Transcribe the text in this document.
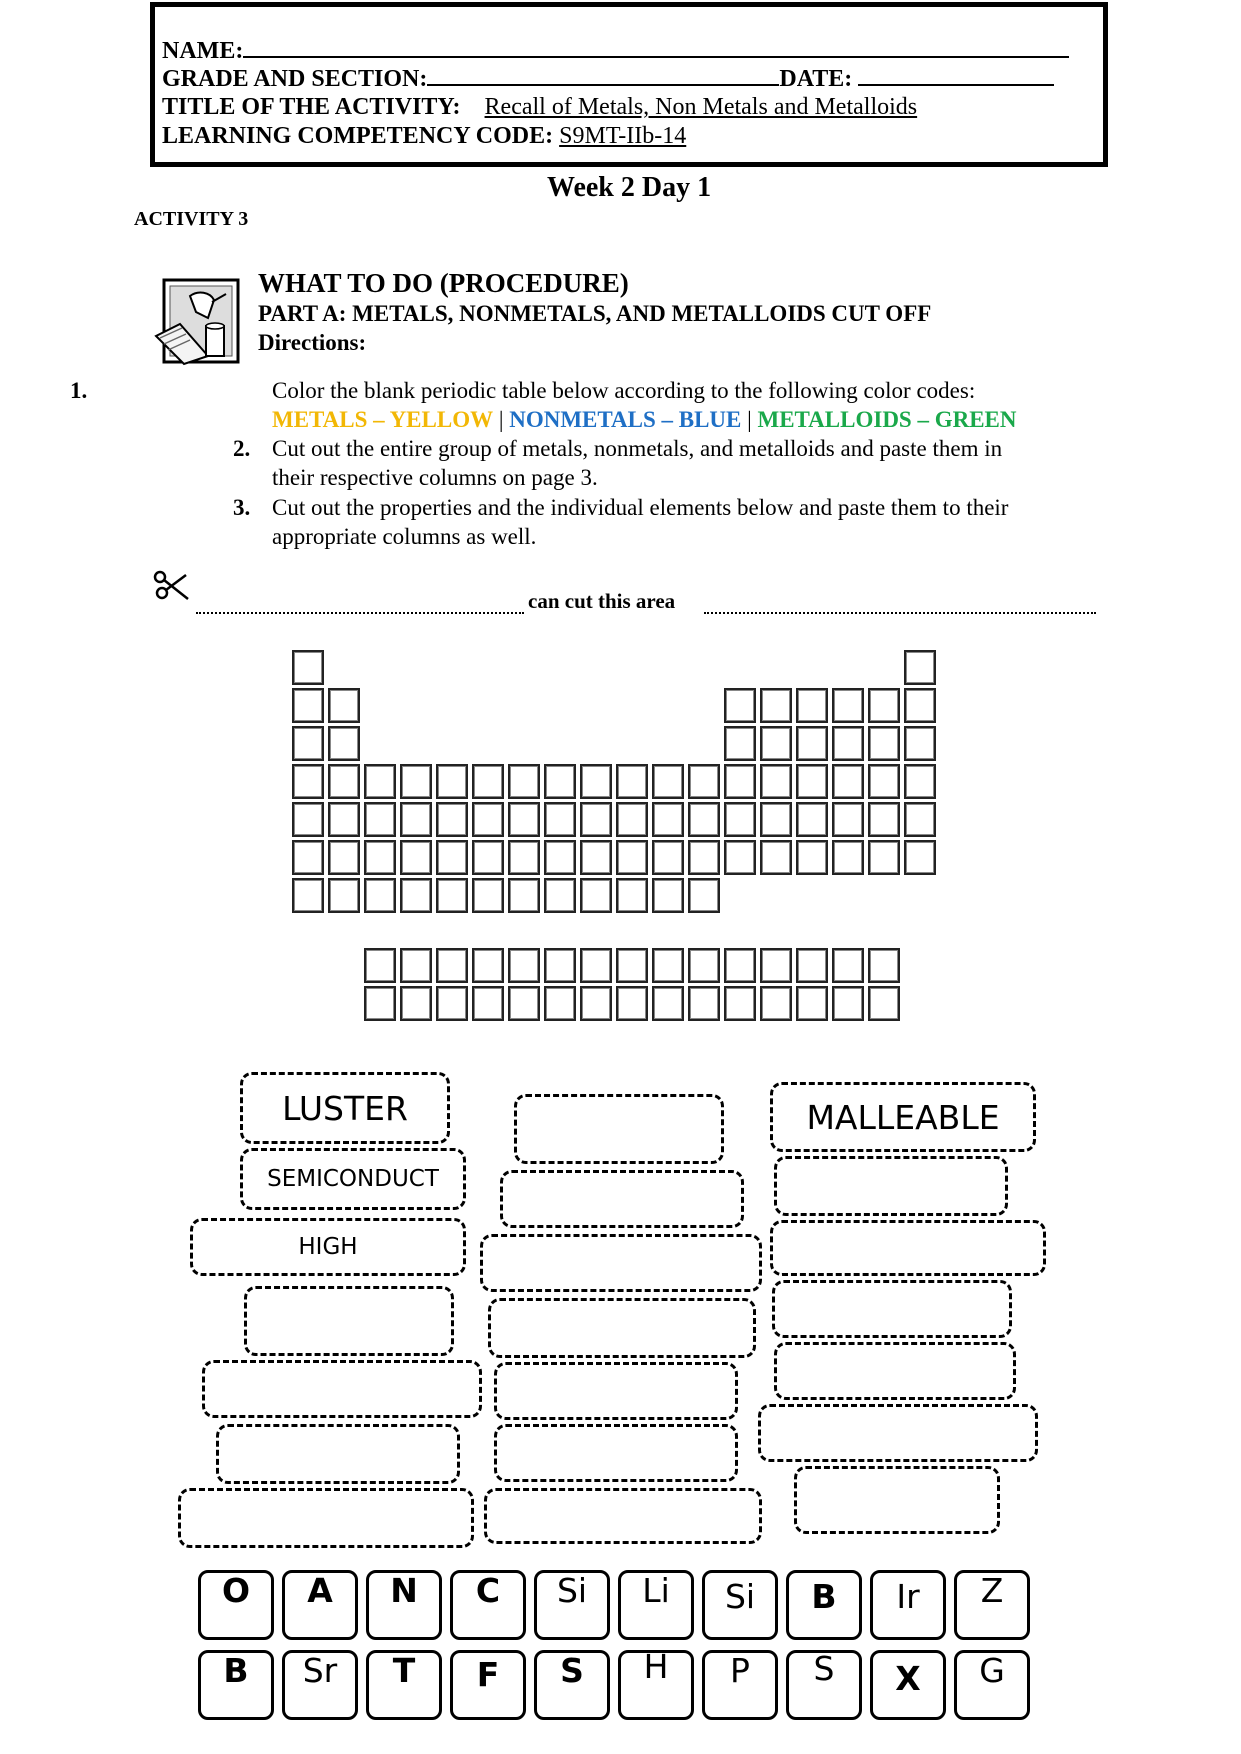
NAME:
GRADE AND SECTION:	DATE:
TITLE OF THE ACTIVITY: Recall of Metals, Non Metals and Metalloids
LEARNING COMPETENCY CODE: S9MT-IIb-14
Week 2 Day 1
ACTIVITY 3
WHAT TO DO (PROCEDURE)
PART A: METALS, NONMETALS, AND METALLOIDS CUT OFF
Directions:
1.	Color the blank periodic table below according to the following color codes:
METALS – YELLOW | NONMETALS – BLUE | METALLOIDS – GREEN
2. Cut out the entire group of metals, nonmetals, and metalloids and paste them in
their respective columns on page 3.
3. Cut out the properties and the individual elements below and paste them to their
appropriate columns as well.
can cut this area
LUSTER
SEMICONDUCT
HIGH
MALLEABLE
O	A	N	C	Si	Li	Si	B	Ir	Z
B	Sr	T	F	S	H	P	S	X	G
